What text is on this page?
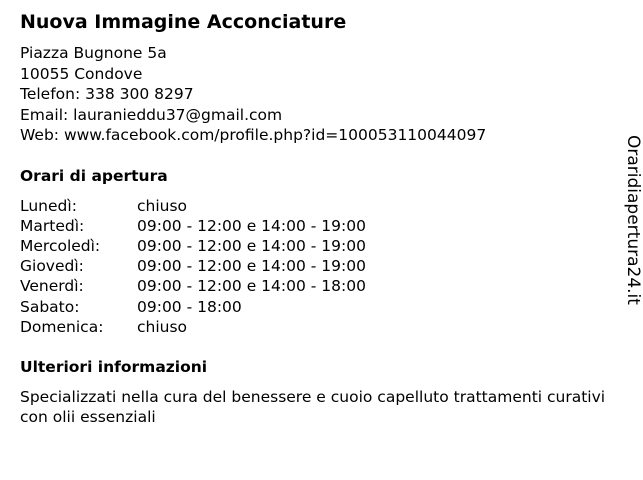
Nuova Immagine Acconciature
Piazza Bugnone 5a
10055 Condove
Telefon: 338 300 8297
Email: lauranieddu37@gmail.com
Web: www.facebook.com/profile.php?id=100053110044097
Orari di apertura
Lunedì:	chiuso
Martedì:	09:00 - 12:00 e 14:00 - 19:00
Mercoledì:	09:00 - 12:00 e 14:00 - 19:00
Giovedì:	09:00 - 12:00 e 14:00 - 19:00
Venerdì:	09:00 - 12:00 e 14:00 - 18:00
Sabato:	09:00 - 18:00
Domenica:	chiuso
Ulteriori informazioni
Specializzati nella cura del benessere e cuoio capelluto trattamenti curativi con olii essenziali
Oraridiapertura24.it
